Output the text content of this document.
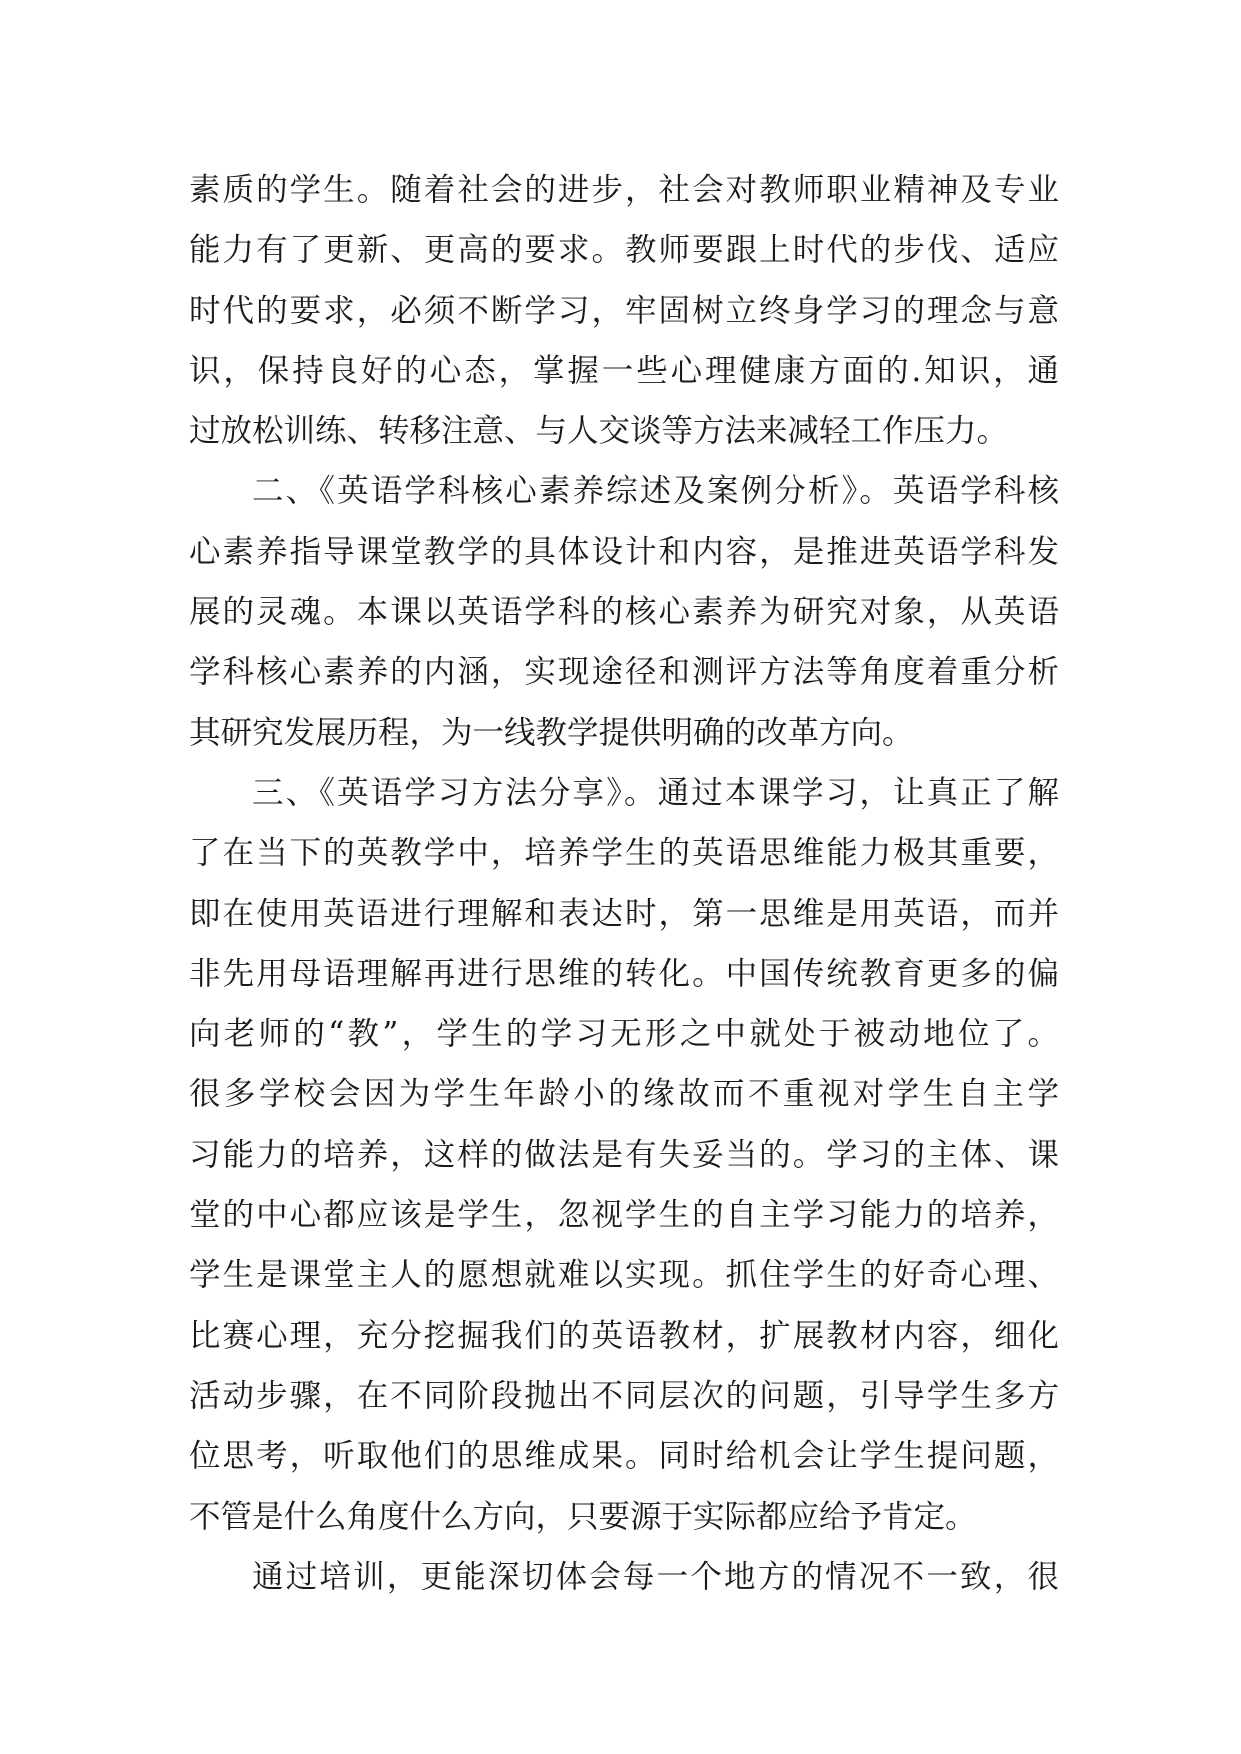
素质的学生。随着社会的进步，社会对教师职业精神及专业
能力有了更新、更高的要求。教师要跟上时代的步伐、适应
时代的要求，必须不断学习，牢固树立终身学习的理念与意
识，保持良好的心态，掌握一些心理健康方面的.知识，通
过放松训练、转移注意、与人交谈等方法来减轻工作压力。
二、《英语学科核心素养综述及案例分析》。英语学科核
心素养指导课堂教学的具体设计和内容，是推进英语学科发
展的灵魂。本课以英语学科的核心素养为研究对象，从英语
学科核心素养的内涵，实现途径和测评方法等角度着重分析
其研究发展历程，为一线教学提供明确的改革方向。
三、《英语学习方法分享》。通过本课学习，让真正了解
了在当下的英教学中，培养学生的英语思维能力极其重要，
即在使用英语进行理解和表达时，第一思维是用英语，而并
非先用母语理解再进行思维的转化。中国传统教育更多的偏
向老师的“教”，学生的学习无形之中就处于被动地位了。
很多学校会因为学生年龄小的缘故而不重视对学生自主学
习能力的培养，这样的做法是有失妥当的。学习的主体、课
堂的中心都应该是学生，忽视学生的自主学习能力的培养，
学生是课堂主人的愿想就难以实现。抓住学生的好奇心理、
比赛心理，充分挖掘我们的英语教材，扩展教材内容，细化
活动步骤，在不同阶段抛出不同层次的问题，引导学生多方
位思考，听取他们的思维成果。同时给机会让学生提问题，
不管是什么角度什么方向，只要源于实际都应给予肯定。
通过培训，更能深切体会每一个地方的情况不一致，很
